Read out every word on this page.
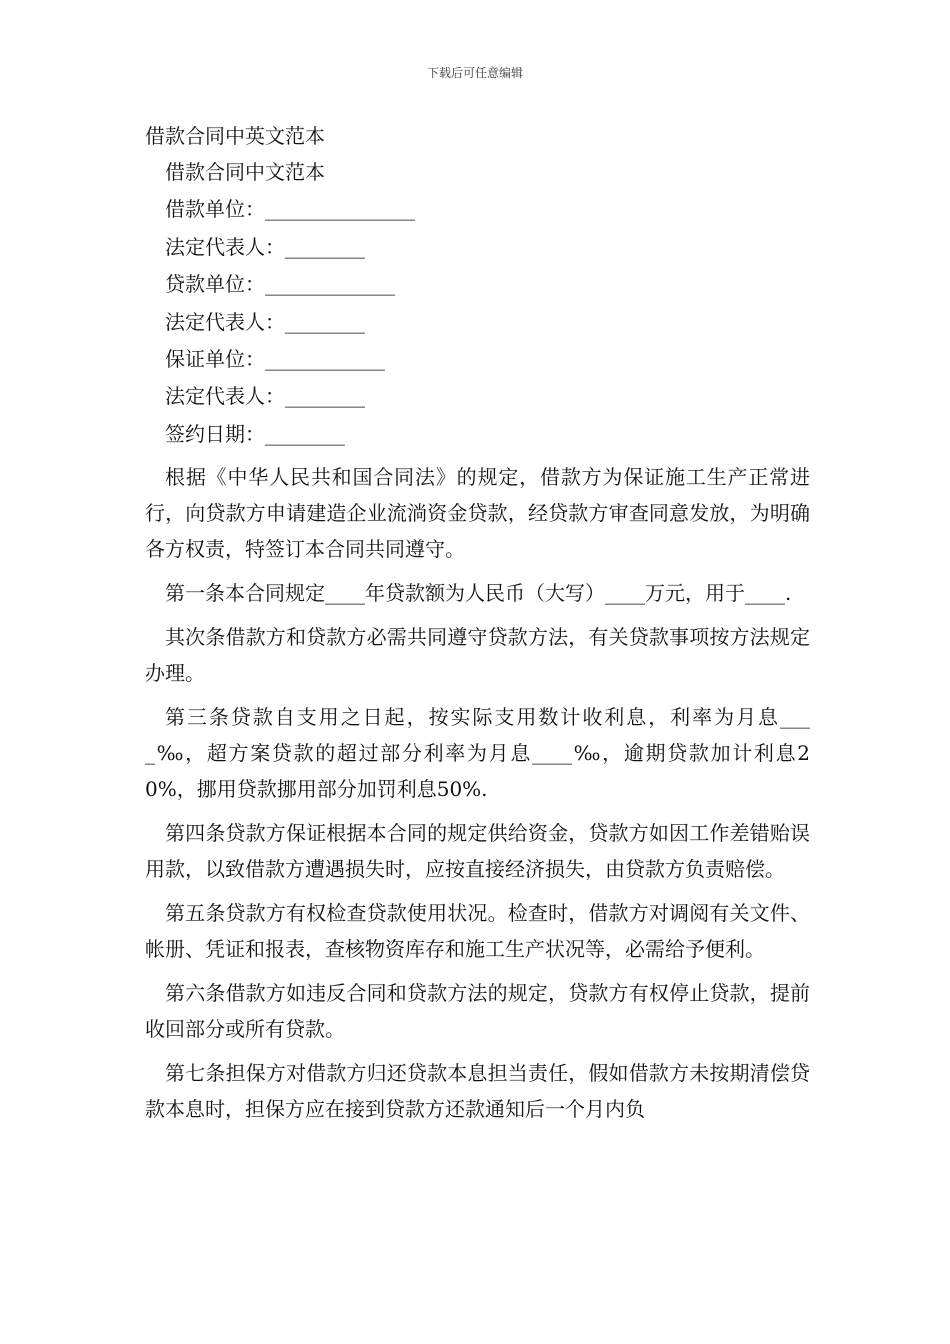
下载后可任意编辑
借款合同中英文范本
借款合同中文范本
借款单位：_______________
法定代表人：________
贷款单位：_____________
法定代表人：________
保证单位：____________
法定代表人：________
签约日期：________

根据《中华人民共和国合同法》的规定，借款方为保证施工生产正常进行，向贷款方申请建造企业流淌资金贷款，经贷款方审查同意发放，为明确各方权责，特签订本合同共同遵守。

第一条本合同规定____年贷款额为人民币（大写）____万元，用于____.

其次条借款方和贷款方必需共同遵守贷款方法，有关贷款事项按方法规定办理。

第三条贷款自支用之日起，按实际支用数计收利息，利率为月息____‰，超方案贷款的超过部分利率为月息____‰，逾期贷款加计利息20%，挪用贷款挪用部分加罚利息50%.

第四条贷款方保证根据本合同的规定供给资金，贷款方如因工作差错贻误用款，以致借款方遭遇损失时，应按直接经济损失，由贷款方负责赔偿。

第五条贷款方有权检查贷款使用状况。检查时，借款方对调阅有关文件、帐册、凭证和报表，查核物资库存和施工生产状况等，必需给予便利。

第六条借款方如违反合同和贷款方法的规定，贷款方有权停止贷款，提前收回部分或所有贷款。

第七条担保方对借款方归还贷款本息担当责任，假如借款方未按期清偿贷款本息时，担保方应在接到贷款方还款通知后一个月内负
